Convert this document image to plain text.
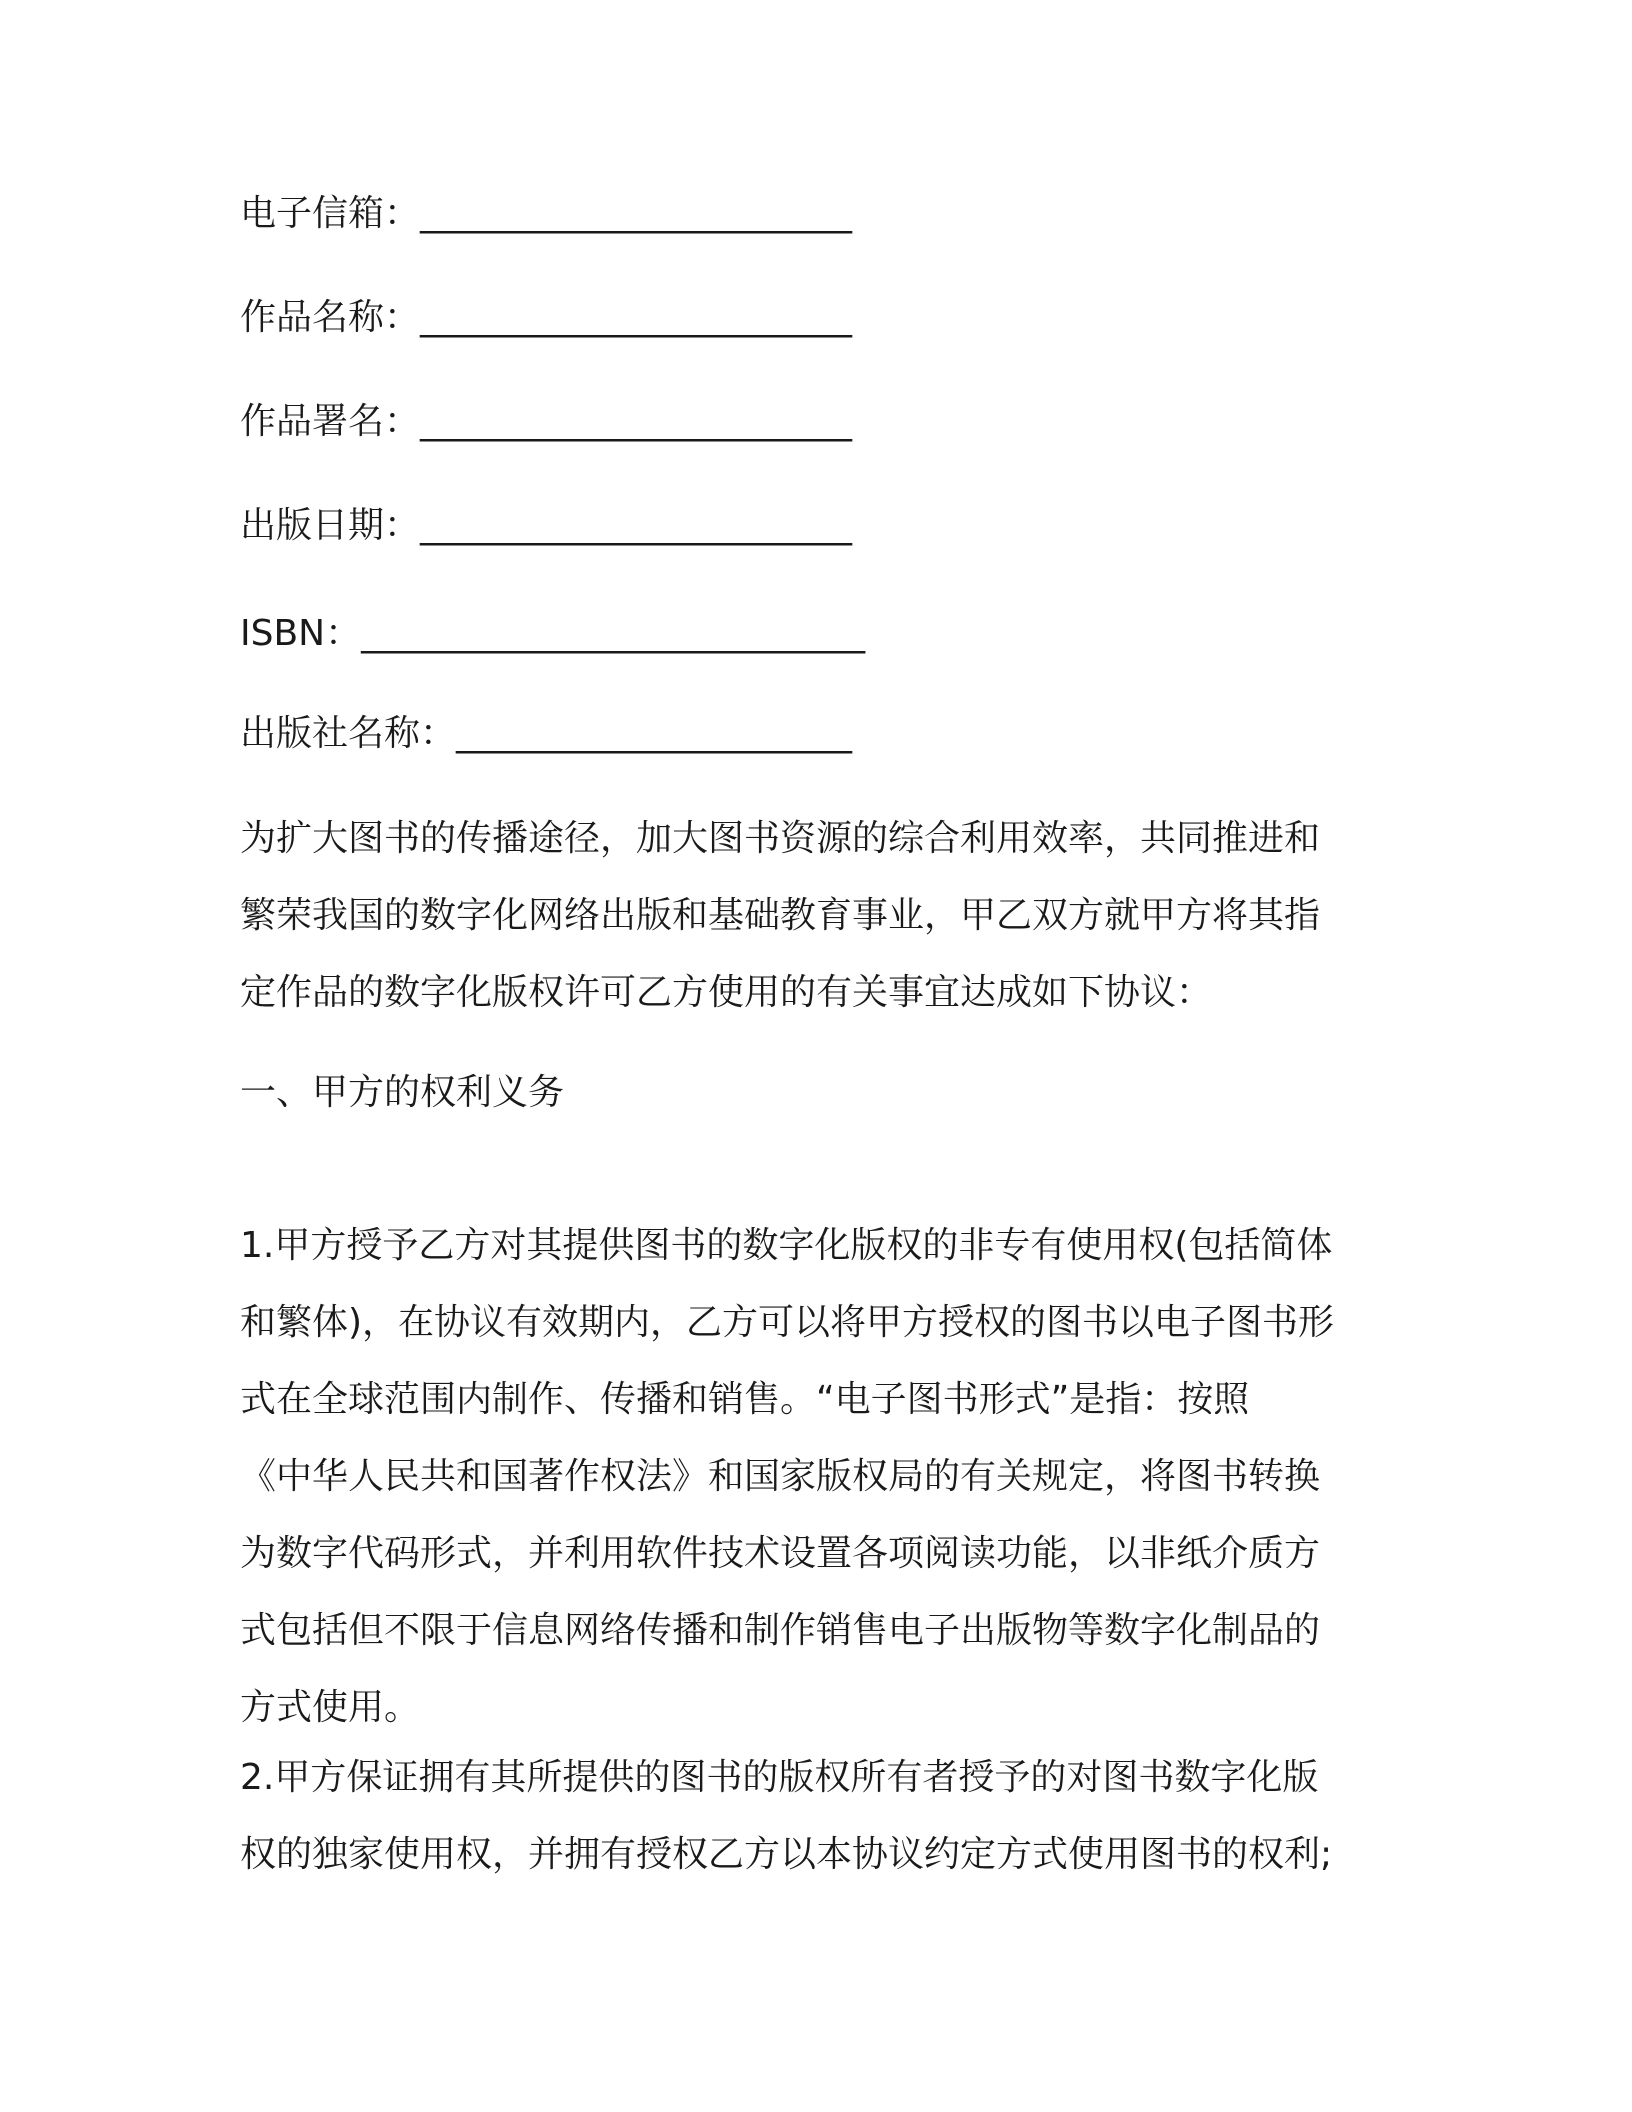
电子信箱：________________________

作品名称：________________________

作品署名：________________________

出版日期：________________________

ISBN：____________________________

出版社名称：______________________

为扩大图书的传播途径，加大图书资源的综合利用效率，共同推进和
繁荣我国的数字化网络出版和基础教育事业，甲乙双方就甲方将其指
定作品的数字化版权许可乙方使用的有关事宜达成如下协议：

一、甲方的权利义务

1.甲方授予乙方对其提供图书的数字化版权的非专有使用权(包括简体
和繁体)，在协议有效期内，乙方可以将甲方授权的图书以电子图书形
式在全球范围内制作、传播和销售。“电子图书形式”是指：按照
《中华人民共和国著作权法》和国家版权局的有关规定，将图书转换
为数字代码形式，并利用软件技术设置各项阅读功能，以非纸介质方
式包括但不限于信息网络传播和制作销售电子出版物等数字化制品的
方式使用。

2.甲方保证拥有其所提供的图书的版权所有者授予的对图书数字化版
权的独家使用权，并拥有授权乙方以本协议约定方式使用图书的权利;
